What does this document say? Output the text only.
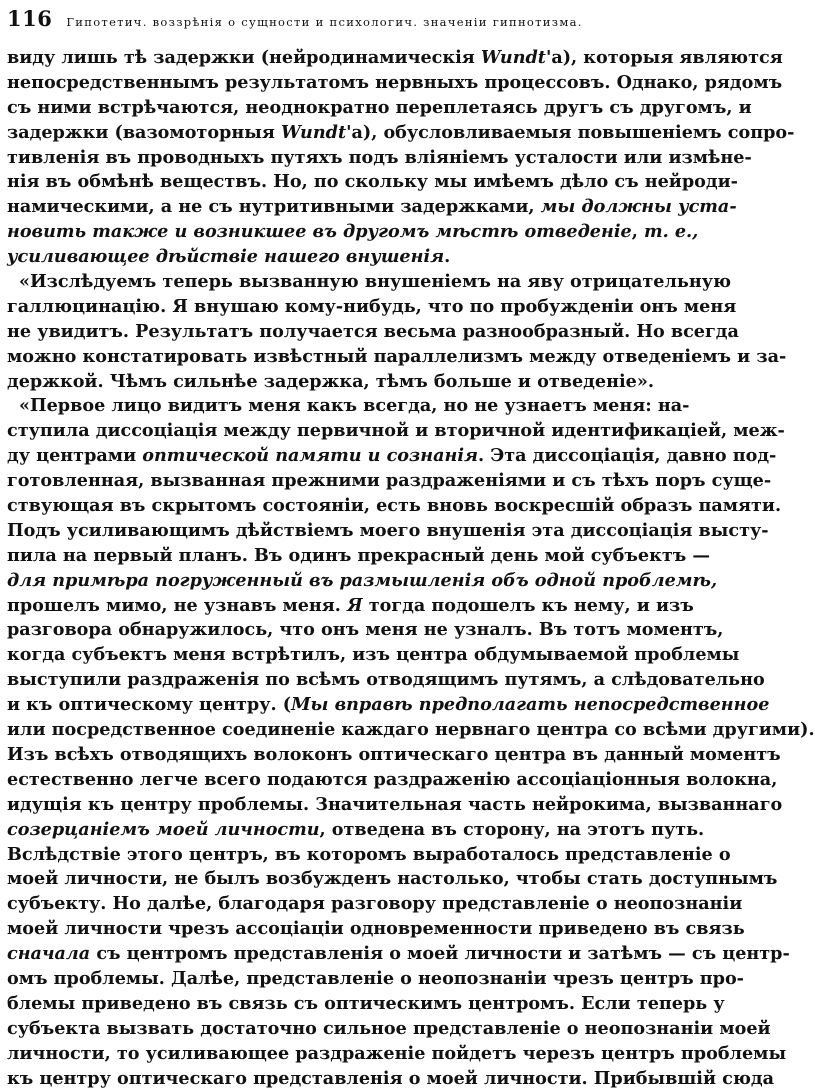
116 Гипотетич. воззрѣнія о сущности и психологич. значеніи гипнотизма.
виду лишь тѣ задержки (нейродинамическія Wundt'а), которыя являются
непосредственнымъ результатомъ нервныхъ процессовъ. Однако, рядомъ
съ ними встрѣчаются, неоднократно переплетаясь другъ съ другомъ, и
задержки (вазомоторныя Wundt'а), обусловливаемыя повышеніемъ сопро-
тивленія въ проводныхъ путяхъ подъ вліяніемъ усталости или измѣне-
нія въ обмѣнѣ веществъ. Но, по скольку мы имѣемъ дѣло съ нейроди-
намическими, а не съ нутритивными задержками, мы должны уста-
новить также и возникшее въ другомъ мѣстѣ отведеніе, т. е.,
усиливающее дѣйствіе нашего внушенія.
«Изслѣдуемъ теперь вызванную внушеніемъ на яву отрицательную
галлюцинацію. Я внушаю кому-нибудь, что по пробужденіи онъ меня
не увидитъ. Результатъ получается весьма разнообразный. Но всегда
можно констатировать извѣстный параллелизмъ между отведеніемъ и за-
держкой. Чѣмъ сильнѣе задержка, тѣмъ больше и отведеніе».
«Первое лицо видитъ меня какъ всегда, но не узнаетъ меня: на-
ступила диссоціація между первичной и вторичной идентификаціей, меж-
ду центрами оптической памяти и сознанія. Эта диссоціація, давно под-
готовленная, вызванная прежними раздраженіями и съ тѣхъ поръ суще-
ствующая въ скрытомъ состояніи, есть вновь воскресшій образъ памяти.
Подъ усиливающимъ дѣйствіемъ моего внушенія эта диссоціація высту-
пила на первый планъ. Въ одинъ прекрасный день мой субъектъ —
для примѣра погруженный въ размышленія объ одной проблемѣ,
прошелъ мимо, не узнавъ меня. Я тогда подошелъ къ нему, и изъ
разговора обнаружилось, что онъ меня не узналъ. Въ тотъ моментъ,
когда субъектъ меня встрѣтилъ, изъ центра обдумываемой проблемы
выступили раздраженія по всѣмъ отводящимъ путямъ, а слѣдовательно
и къ оптическому центру. (Мы вправѣ предполагать непосредственное
или посредственное соединеніе каждаго нервнаго центра со всѣми другими).
Изъ всѣхъ отводящихъ волоконъ оптическаго центра въ данный моментъ
естественно легче всего подаются раздраженію ассоціаціонныя волокна,
идущія къ центру проблемы. Значительная часть нейрокима, вызваннаго
созерцаніемъ моей личности, отведена въ сторону, на этотъ путь.
Вслѣдствіе этого центръ, въ которомъ выработалось представленіе о
моей личности, не былъ возбужденъ настолько, чтобы стать доступнымъ
субъекту. Но далѣе, благодаря разговору представленіе о неопознаніи
моей личности чрезъ ассоціаціи одновременности приведено въ связь
сначала съ центромъ представленія о моей личности и затѣмъ — съ центр-
омъ проблемы. Далѣе, представленіе о неопознаніи чрезъ центръ про-
блемы приведено въ связь съ оптическимъ центромъ. Если теперь у
субъекта вызвать достаточно сильное представленіе о неопознаніи моей
личности, то усиливающее раздраженіе пойдетъ черезъ центръ проблемы
къ центру оптическаго представленія о моей личности. Прибывшій сюда
